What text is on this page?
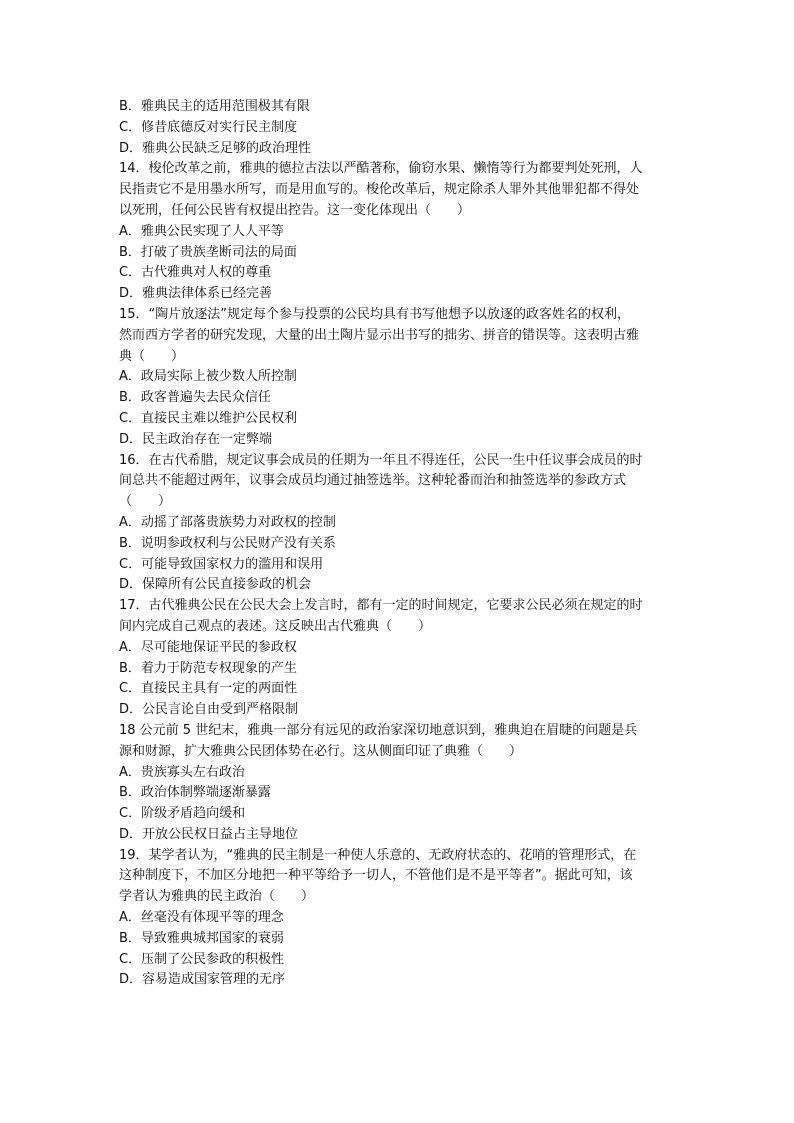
B．雅典民主的适用范围极其有限
C．修昔底德反对实行民主制度
D．雅典公民缺乏足够的政治理性
14．梭伦改革之前，雅典的德拉古法以严酷著称，偷窃水果、懒惰等行为都要判处死刑，人
民指责它不是用墨水所写，而是用血写的。梭伦改革后，规定除杀人罪外其他罪犯都不得处
以死刑，任何公民皆有权提出控告。这一变化体现出（　　）
A．雅典公民实现了人人平等
B．打破了贵族垄断司法的局面
C．古代雅典对人权的尊重
D．雅典法律体系已经完善
15．“陶片放逐法”规定每个参与投票的公民均具有书写他想予以放逐的政客姓名的权利，
然而西方学者的研究发现，大量的出土陶片显示出书写的拙劣、拼音的错误等。这表明古雅
典（　　）
A．政局实际上被少数人所控制
B．政客普遍失去民众信任
C．直接民主难以维护公民权利
D．民主政治存在一定弊端
16．在古代希腊，规定议事会成员的任期为一年且不得连任，公民一生中任议事会成员的时
间总共不能超过两年，议事会成员均通过抽签选举。这种轮番而治和抽签选举的参政方式
（　　）
A．动摇了部落贵族势力对政权的控制
B．说明参政权利与公民财产没有关系
C．可能导致国家权力的滥用和误用
D．保障所有公民直接参政的机会
17．古代雅典公民在公民大会上发言时，都有一定的时间规定，它要求公民必须在规定的时
间内完成自己观点的表述。这反映出古代雅典（　　）
A．尽可能地保证平民的参政权
B．着力于防范专权现象的产生
C．直接民主具有一定的两面性
D．公民言论自由受到严格限制
18 公元前 5 世纪末，雅典一部分有远见的政治家深切地意识到，雅典迫在眉睫的问题是兵
源和财源，扩大雅典公民团体势在必行。这从侧面印证了典雅（　　）
A．贵族寡头左右政治
B．政治体制弊端逐渐暴露
C．阶级矛盾趋向缓和
D．开放公民权日益占主导地位
19．某学者认为，“雅典的民主制是一种使人乐意的、无政府状态的、花哨的管理形式，在
这种制度下，不加区分地把一种平等给予一切人，不管他们是不是平等者”。据此可知，该
学者认为雅典的民主政治（　　）
A．丝毫没有体现平等的理念
B．导致雅典城邦国家的衰弱
C．压制了公民参政的积极性
D．容易造成国家管理的无序
